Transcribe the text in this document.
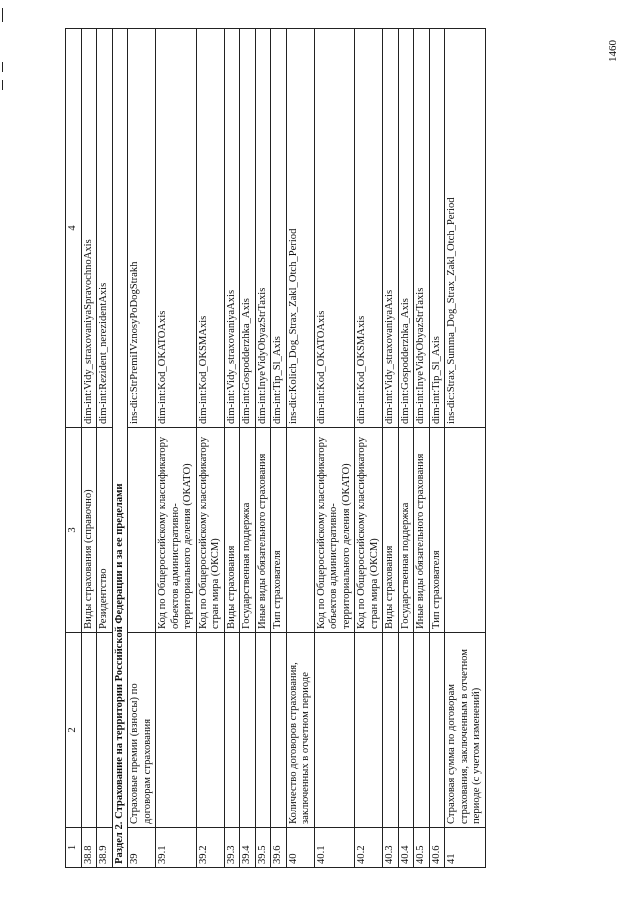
1460
1	2	3	4
38.8		Виды страхования (справочно)	dim-int:Vidy_straxovaniyaSpravochnoAxis
38.9		Резидентство	dim-int:Rezident_nerezidentAxis
Раздел 2. Страхование на территории Российской Федерации и за ее пределами			
39	Страховые премии (взносы) по договорам страхования		ins-dic:StrPremiIVznosyPoDogStrakh
39.1		Код по Общероссийскому классификатору объектов административно-территориального деления (ОКАТО)	dim-int:Kod_OKATOAxis
39.2		Код по Общероссийскому классификатору стран мира (ОКСМ)	dim-int:Kod_OKSMAxis
39.3		Виды страхования	dim-int:Vidy_straxovaniyaAxis
39.4		Государственная поддержка	dim-int:Gospodderzhka_Axis
39.5		Иные виды обязательного страхования	dim-int:InyeVidyObyazStrTaxis
39.6		Тип страхователя	dim-int:Tip_Sl_Axis
40	Количество договоров страхования, заключенных в отчетном периоде		ins-dic:Kolich_Dog_Strax_Zakl_Otch_Period
40.1		Код по Общероссийскому классификатору объектов административно-территориального деления (ОКАТО)	dim-int:Kod_OKATOAxis
40.2		Код по Общероссийскому классификатору стран мира (ОКСМ)	dim-int:Kod_OKSMAxis
40.3		Виды страхования	dim-int:Vidy_straxovaniyaAxis
40.4		Государственная поддержка	dim-int:Gospodderzhka_Axis
40.5		Иные виды обязательного страхования	dim-int:InyeVidyObyazStrTaxis
40.6		Тип страхователя	dim-int:Tip_Sl_Axis
41	Страховая сумма по договорам страхования, заключенным в отчетном периоде (с учетом изменений)		ins-dic:Strax_Summa_Dog_Strax_Zakl_Otch_Period
